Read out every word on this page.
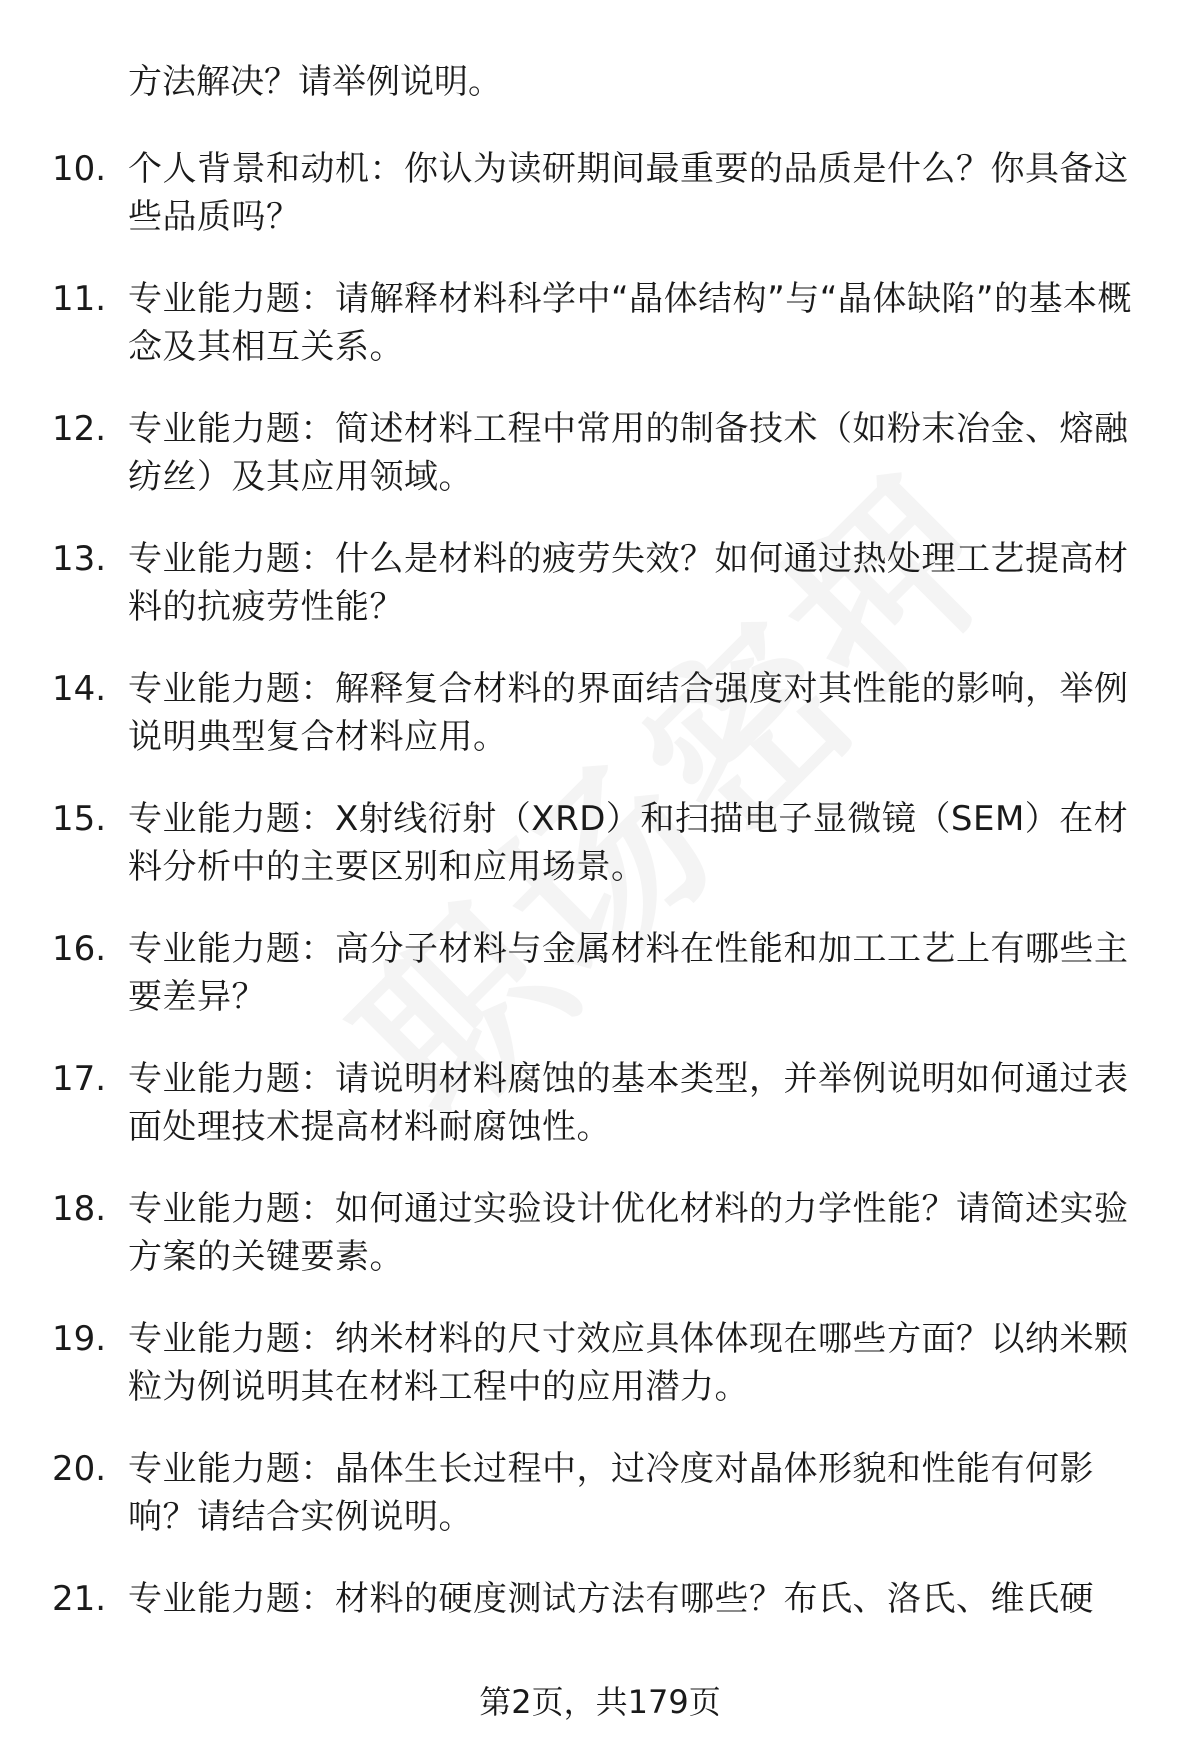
方法解决？请举例说明。

10. 个人背景和动机：你认为读研期间最重要的品质是什么？你具备这些品质吗？
11. 专业能力题：请解释材料科学中“晶体结构”与“晶体缺陷”的基本概念及其相互关系。
12. 专业能力题：简述材料工程中常用的制备技术（如粉末冶金、熔融纺丝）及其应用领域。
13. 专业能力题：什么是材料的疲劳失效？如何通过热处理工艺提高材料的抗疲劳性能？
14. 专业能力题：解释复合材料的界面结合强度对其性能的影响，举例说明典型复合材料应用。
15. 专业能力题：X射线衍射（XRD）和扫描电子显微镜（SEM）在材料分析中的主要区别和应用场景。
16. 专业能力题：高分子材料与金属材料在性能和加工工艺上有哪些主要差异？
17. 专业能力题：请说明材料腐蚀的基本类型，并举例说明如何通过表面处理技术提高材料耐腐蚀性。
18. 专业能力题：如何通过实验设计优化材料的力学性能？请简述实验方案的关键要素。
19. 专业能力题：纳米材料的尺寸效应具体体现在哪些方面？以纳米颗粒为例说明其在材料工程中的应用潜力。
20. 专业能力题：晶体生长过程中，过冷度对晶体形貌和性能有何影响？请结合实例说明。
21. 专业能力题：材料的硬度测试方法有哪些？布氏、洛氏、维氏硬
第2页，共179页
